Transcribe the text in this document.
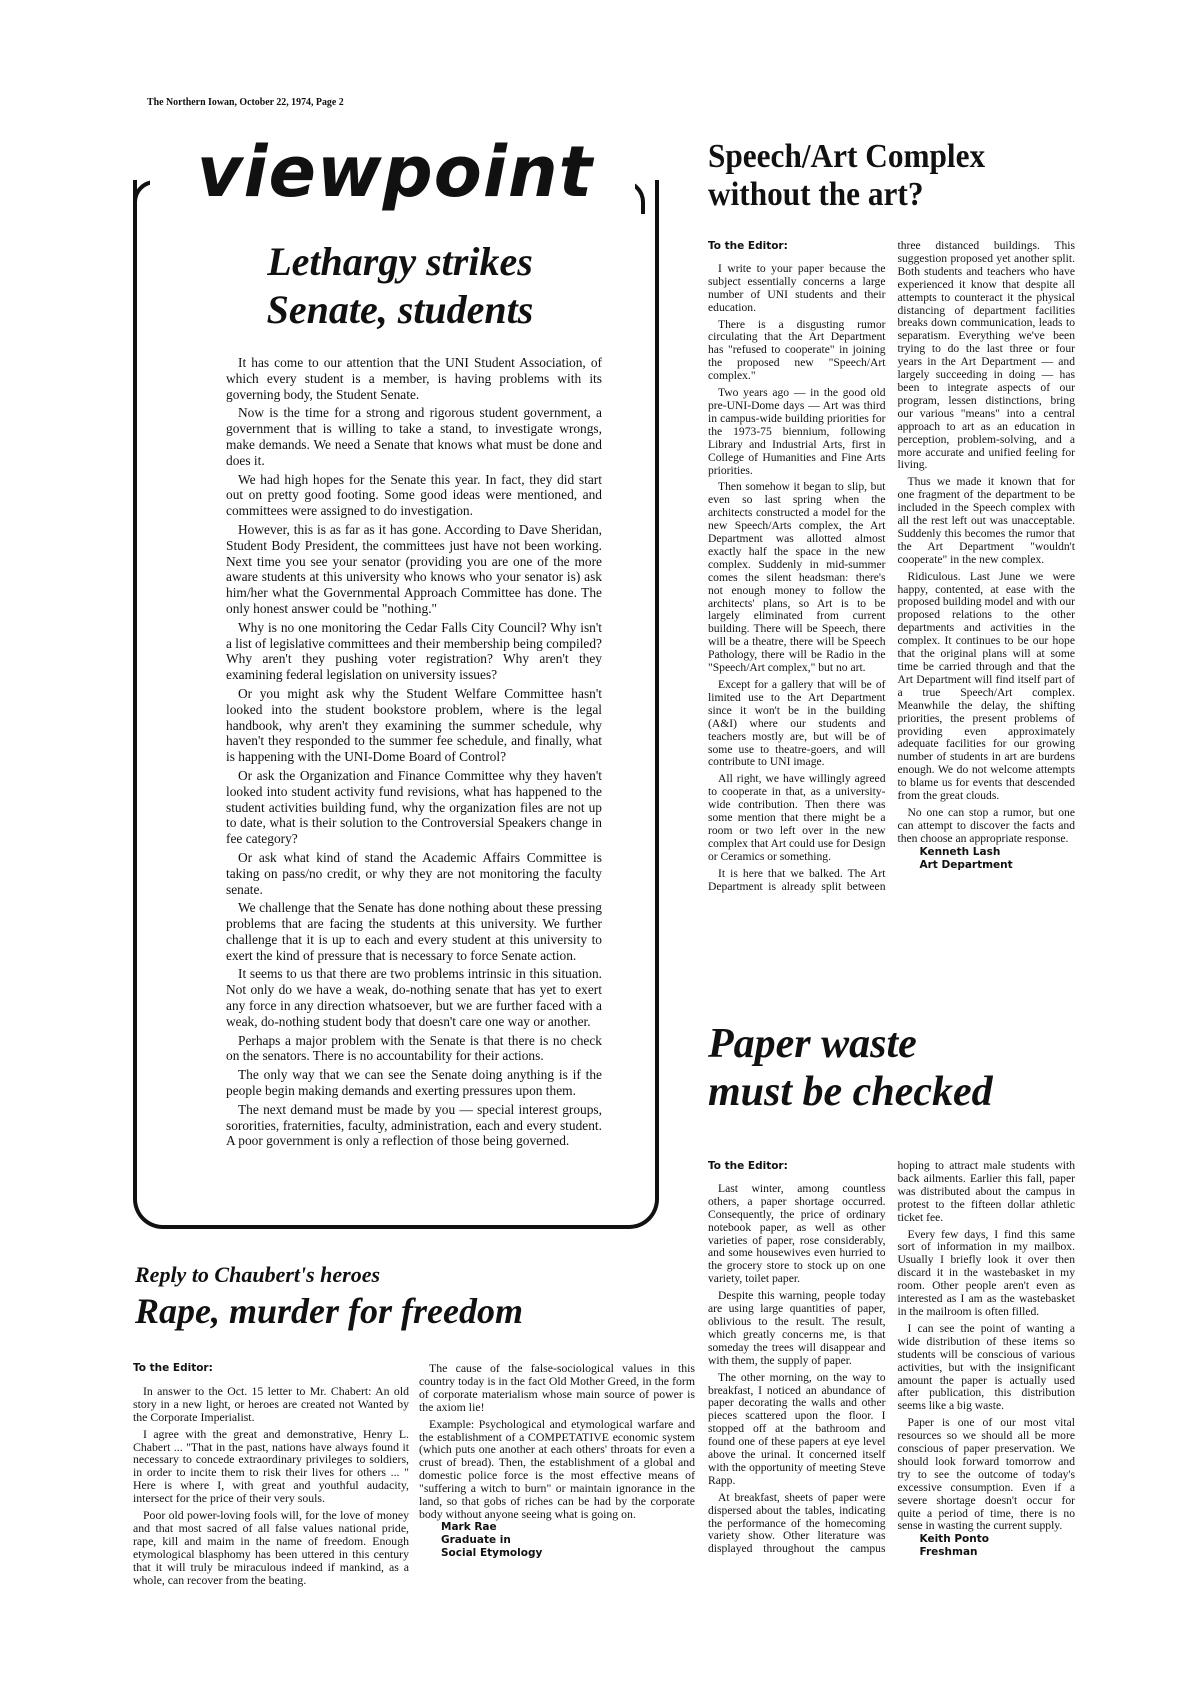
The Northern Iowan, October 22, 1974, Page 2
viewpoint
Lethargy strikes
Senate, students

It has come to our attention that the UNI Student Association, of which every student is a member, is having problems with its governing body, the Student Senate.

Now is the time for a strong and rigorous student government, a government that is willing to take a stand, to investigate wrongs, make demands. We need a Senate that knows what must be done and does it.

We had high hopes for the Senate this year. In fact, they did start out on pretty good footing. Some good ideas were mentioned, and committees were assigned to do investigation.

However, this is as far as it has gone. According to Dave Sheridan, Student Body President, the committees just have not been working. Next time you see your senator (providing you are one of the more aware students at this university who knows who your senator is) ask him/her what the Governmental Approach Committee has done. The only honest answer could be "nothing."

Why is no one monitoring the Cedar Falls City Council? Why isn't a list of legislative committees and their membership being compiled? Why aren't they pushing voter registration? Why aren't they examining federal legislation on university issues?

Or you might ask why the Student Welfare Committee hasn't looked into the student bookstore problem, where is the legal handbook, why aren't they examining the summer schedule, why haven't they responded to the summer fee schedule, and finally, what is happening with the UNI-Dome Board of Control?

Or ask the Organization and Finance Committee why they haven't looked into student activity fund revisions, what has happened to the student activities building fund, why the organization files are not up to date, what is their solution to the Controversial Speakers change in fee category?

Or ask what kind of stand the Academic Affairs Committee is taking on pass/no credit, or why they are not monitoring the faculty senate.

We challenge that the Senate has done nothing about these pressing problems that are facing the students at this university. We further challenge that it is up to each and every student at this university to exert the kind of pressure that is necessary to force Senate action.

It seems to us that there are two problems intrinsic in this situation. Not only do we have a weak, do-nothing senate that has yet to exert any force in any direction whatsoever, but we are further faced with a weak, do-nothing student body that doesn't care one way or another.

Perhaps a major problem with the Senate is that there is no check on the senators. There is no accountability for their actions.

The only way that we can see the Senate doing anything is if the people begin making demands and exerting pressures upon them.

The next demand must be made by you — special interest groups, sororities, fraternities, faculty, administration, each and every student. A poor government is only a reflection of those being governed.

Speech/Art Complex
without the art?
To the Editor:

I write to your paper because the subject essentially concerns a large number of UNI students and their education.

There is a disgusting rumor circulating that the Art Department has "refused to cooperate" in joining the proposed new "Speech/Art complex."

Two years ago — in the good old pre-UNI-Dome days — Art was third in campus-wide building priorities for the 1973-75 biennium, following Library and Industrial Arts, first in College of Humanities and Fine Arts priorities.

Then somehow it began to slip, but even so last spring when the architects constructed a model for the new Speech/Arts complex, the Art Department was allotted almost exactly half the space in the new complex. Suddenly in mid-summer comes the silent headsman: there's not enough money to follow the architects' plans, so Art is to be largely eliminated from current building. There will be Speech, there will be a theatre, there will be Speech Pathology, there will be Radio in the "Speech/Art complex," but no art.

Except for a gallery that will be of limited use to the Art Department since it won't be in the building (A&I) where our students and teachers mostly are, but will be of some use to theatre-goers, and will contribute to UNI image.

All right, we have willingly agreed to cooperate in that, as a university-wide contribution. Then there was some mention that there might be a room or two left over in the new complex that Art could use for Design or Ceramics or something.

It is here that we balked. The Art Department is already split between three distanced buildings. This suggestion proposed yet another split. Both students and teachers who have experienced it know that despite all attempts to counteract it the physical distancing of department facilities breaks down communication, leads to separatism. Everything we've been trying to do the last three or four years in the Art Department — and largely succeeding in doing — has been to integrate aspects of our program, lessen distinctions, bring our various "means" into a central approach to art as an education in perception, problem-solving, and a more accurate and unified feeling for living.

Thus we made it known that for one fragment of the department to be included in the Speech complex with all the rest left out was unacceptable. Suddenly this becomes the rumor that the Art Department "wouldn't cooperate" in the new complex.

Ridiculous. Last June we were happy, contented, at ease with the proposed building model and with our proposed relations to the other departments and activities in the complex. It continues to be our hope that the original plans will at some time be carried through and that the Art Department will find itself part of a true Speech/Art complex. Meanwhile the delay, the shifting priorities, the present problems of providing even approximately adequate facilities for our growing number of students in art are burdens enough. We do not welcome attempts to blame us for events that descended from the great clouds.

No one can stop a rumor, but one can attempt to discover the facts and then choose an appropriate response.

Kenneth Lash
Art Department
Paper waste
must be checked
To the Editor:

Last winter, among countless others, a paper shortage occurred. Consequently, the price of ordinary notebook paper, as well as other varieties of paper, rose considerably, and some housewives even hurried to the grocery store to stock up on one variety, toilet paper.

Despite this warning, people today are using large quantities of paper, oblivious to the result. The result, which greatly concerns me, is that someday the trees will disappear and with them, the supply of paper.

The other morning, on the way to breakfast, I noticed an abundance of paper decorating the walls and other pieces scattered upon the floor. I stopped off at the bathroom and found one of these papers at eye level above the urinal. It concerned itself with the opportunity of meeting Steve Rapp.

At breakfast, sheets of paper were dispersed about the tables, indicating the performance of the homecoming variety show. Other literature was displayed throughout the campus hoping to attract male students with back ailments. Earlier this fall, paper was distributed about the campus in protest to the fifteen dollar athletic ticket fee.

Every few days, I find this same sort of information in my mailbox. Usually I briefly look it over then discard it in the wastebasket in my room. Other people aren't even as interested as I am as the wastebasket in the mailroom is often filled.

I can see the point of wanting a wide distribution of these items so students will be conscious of various activities, but with the insignificant amount the paper is actually used after publication, this distribution seems like a big waste.

Paper is one of our most vital resources so we should all be more conscious of paper preservation. We should look forward tomorrow and try to see the outcome of today's excessive consumption. Even if a severe shortage doesn't occur for quite a period of time, there is no sense in wasting the current supply.

Keith Ponto
Freshman
Reply to Chaubert's heroes
Rape, murder for freedom
To the Editor:

In answer to the Oct. 15 letter to Mr. Chabert: An old story in a new light, or heroes are created not Wanted by the Corporate Imperialist.

I agree with the great and demonstrative, Henry L. Chabert ... "That in the past, nations have always found it necessary to concede extraordinary privileges to soldiers, in order to incite them to risk their lives for others ... " Here is where I, with great and youthful audacity, intersect for the price of their very souls.

Poor old power-loving fools will, for the love of money and that most sacred of all false values national pride, rape, kill and maim in the name of freedom. Enough etymological blasphomy has been uttered in this century that it will truly be miraculous indeed if mankind, as a whole, can recover from the beating.

The cause of the false-sociological values in this country today is in the fact Old Mother Greed, in the form of corporate materialism whose main source of power is the axiom lie!

Example: Psychological and etymological warfare and the establishment of a COMPETATIVE economic system (which puts one another at each others' throats for even a crust of bread). Then, the establishment of a global and domestic police force is the most effective means of "suffering a witch to burn" or maintain ignorance in the land, so that gobs of riches can be had by the corporate body without anyone seeing what is going on.

Mark Rae
Graduate in
Social Etymology
